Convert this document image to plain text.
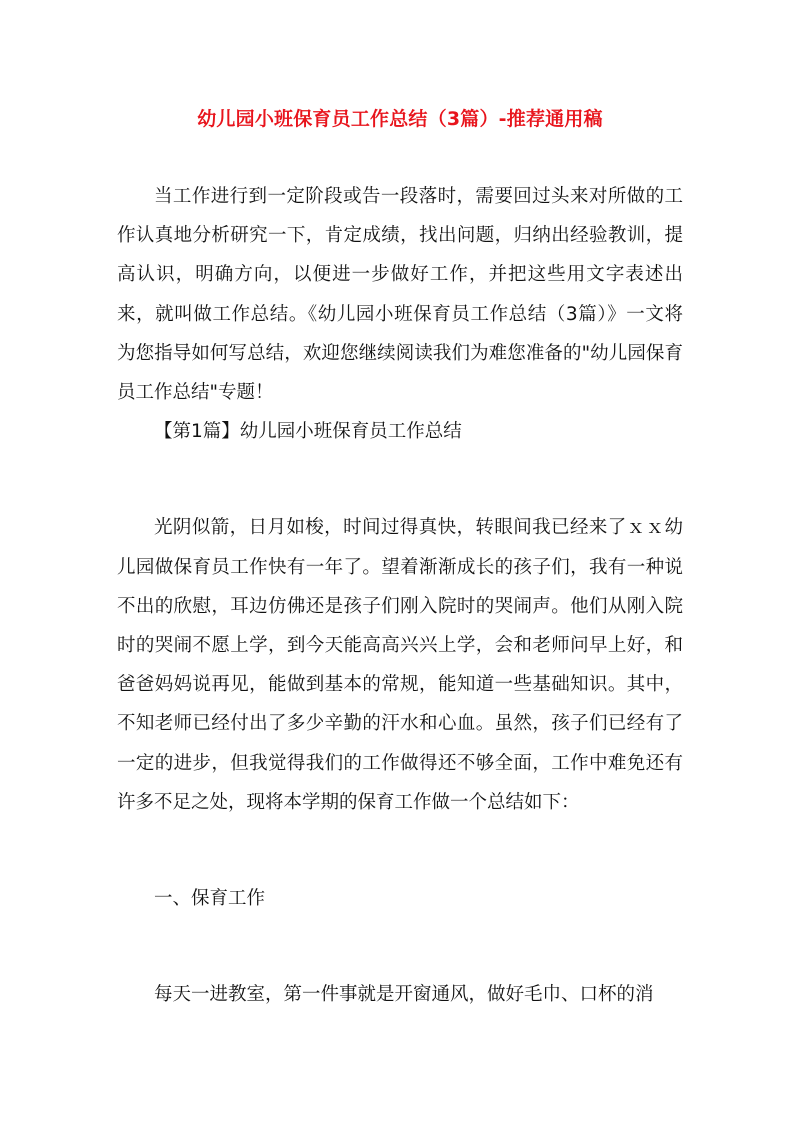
幼儿园小班保育员工作总结（3篇）-推荐通用稿

当工作进行到一定阶段或告一段落时，需要回过头来对所做的工作认真地分析研究一下，肯定成绩，找出问题，归纳出经验教训，提高认识，明确方向，以便进一步做好工作，并把这些用文字表述出来，就叫做工作总结。《幼儿园小班保育员工作总结（3篇）》一文将为您指导如何写总结，欢迎您继续阅读我们为难您准备的"幼儿园保育员工作总结"专题！

【第1篇】幼儿园小班保育员工作总结

光阴似箭，日月如梭，时间过得真快，转眼间我已经来了ｘｘ幼儿园做保育员工作快有一年了。望着渐渐成长的孩子们，我有一种说不出的欣慰，耳边仿佛还是孩子们刚入院时的哭闹声。他们从刚入院时的哭闹不愿上学，到今天能高高兴兴上学，会和老师问早上好，和爸爸妈妈说再见，能做到基本的常规，能知道一些基础知识。其中，不知老师已经付出了多少辛勤的汗水和心血。虽然，孩子们已经有了一定的进步，但我觉得我们的工作做得还不够全面，工作中难免还有许多不足之处，现将本学期的保育工作做一个总结如下：

一、保育工作

每天一进教室，第一件事就是开窗通风，做好毛巾、口杯的消
